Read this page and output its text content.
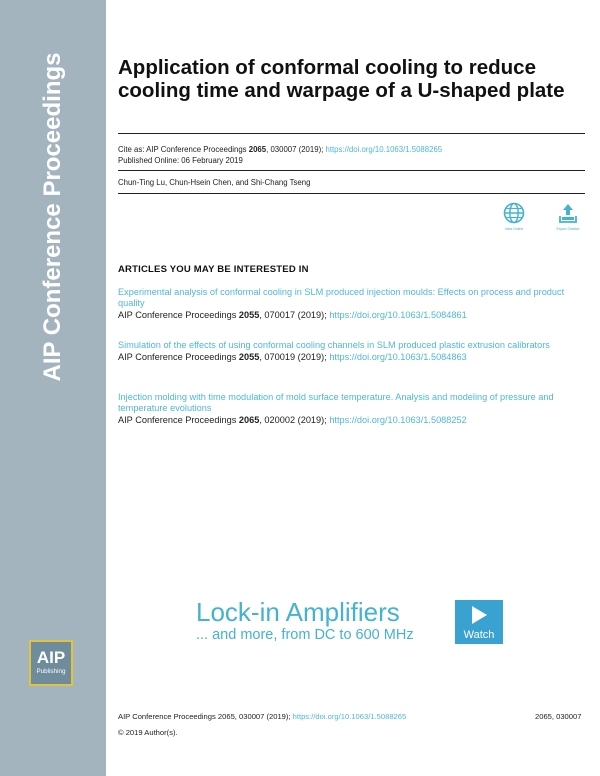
AIP Conference Proceedings
AIP
Publishing
Application of conformal cooling to reduce cooling time and warpage of a U-shaped plate
Cite as: AIP Conference Proceedings 2065, 030007 (2019); https://doi.org/10.1063/1.5088265
Published Online: 06 February 2019
Chun-Ting Lu, Chun-Hsein Chen, and Shi-Chang Tseng
View Online	Export Citation
ARTICLES YOU MAY BE INTERESTED IN
Experimental analysis of conformal cooling in SLM produced injection moulds: Effects on process and product quality
AIP Conference Proceedings 2055, 070017 (2019); https://doi.org/10.1063/1.5084861
Simulation of the effects of using conformal cooling channels in SLM produced plastic extrusion calibrators
AIP Conference Proceedings 2055, 070019 (2019); https://doi.org/10.1063/1.5084863
Injection molding with time modulation of mold surface temperature. Analysis and modeling of pressure and temperature evolutions
AIP Conference Proceedings 2065, 020002 (2019); https://doi.org/10.1063/1.5088252
Lock-in Amplifiers
... and more, from DC to 600 MHz	Watch
AIP Conference Proceedings 2065, 030007 (2019); https://doi.org/10.1063/1.5088265	2065, 030007
© 2019 Author(s).
